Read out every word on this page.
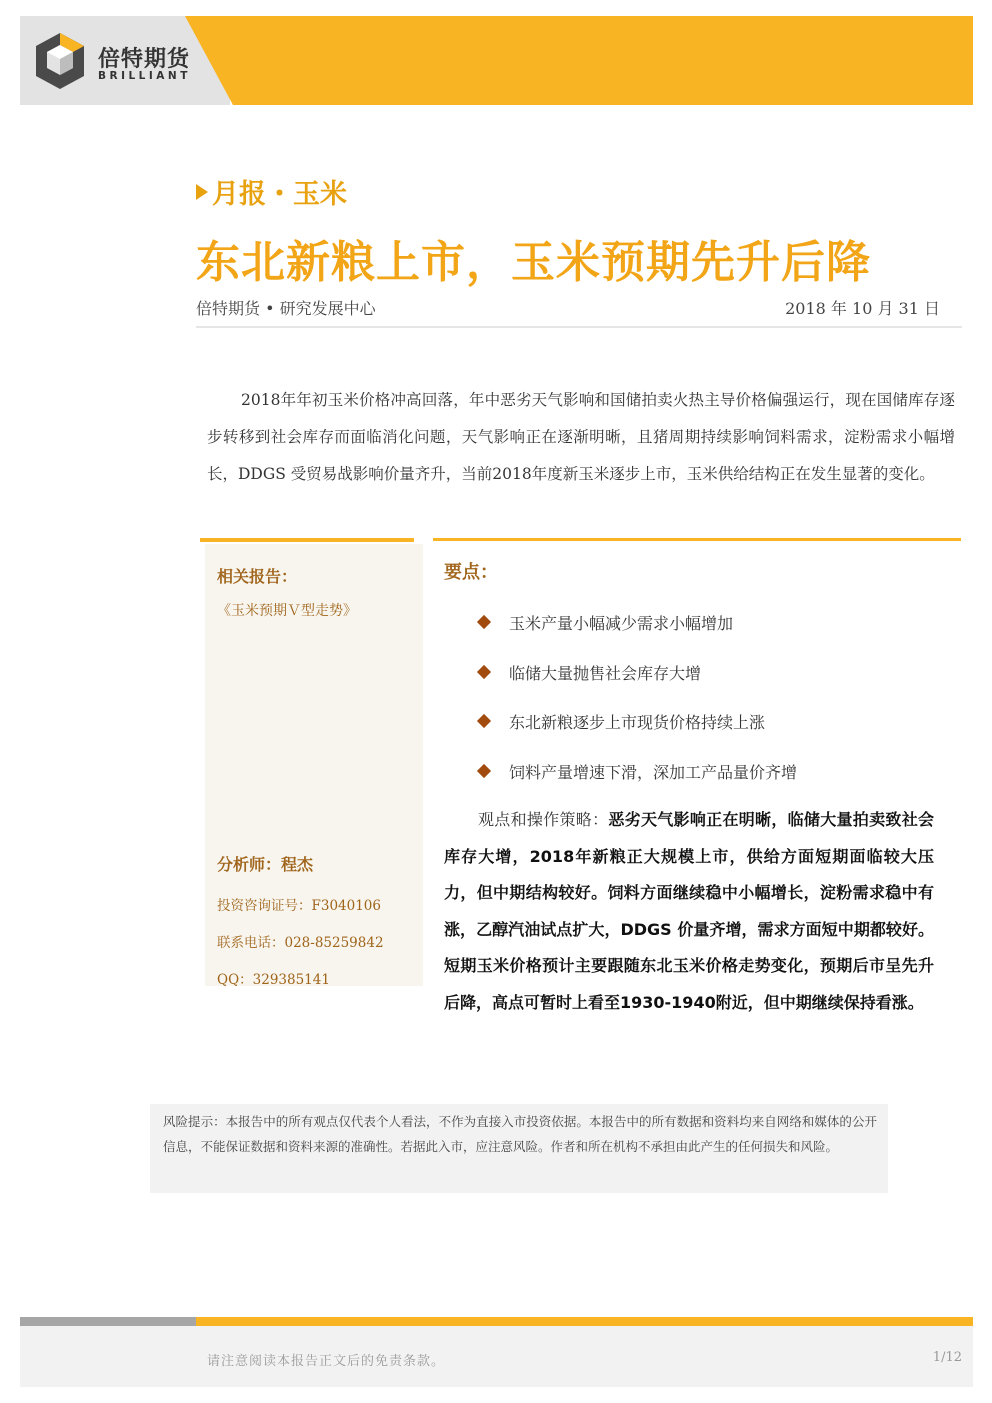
倍特期货
BRILLIANT
月报・玉米
东北新粮上市，玉米预期先升后降
倍特期货 • 研究发展中心	2018 年 10 月 31 日
2018年年初玉米价格冲高回落，年中恶劣天气影响和国储拍卖火热主导价格偏强运行，现在国储库存逐步转移到社会库存而面临消化问题，天气影响正在逐渐明晰，且猪周期持续影响饲料需求，淀粉需求小幅增长，DDGS 受贸易战影响价量齐升，当前2018年度新玉米逐步上市，玉米供给结构正在发生显著的变化。
相关报告：
《玉米预期Ｖ型走势》
分析师：程杰
投资咨询证号：F3040106
联系电话：028-85259842
QQ：329385141
要点：
玉米产量小幅减少需求小幅增加
临储大量抛售社会库存大增
东北新粮逐步上市现货价格持续上涨
饲料产量增速下滑，深加工产品量价齐增
观点和操作策略：恶劣天气影响正在明晰，临储大量拍卖致社会库存大增，2018年新粮正大规模上市，供给方面短期面临较大压力，但中期结构较好。饲料方面继续稳中小幅增长，淀粉需求稳中有涨，乙醇汽油试点扩大，DDGS 价量齐增，需求方面短中期都较好。短期玉米价格预计主要跟随东北玉米价格走势变化，预期后市呈先升后降，高点可暂时上看至1930-1940附近，但中期继续保持看涨。
风险提示：本报告中的所有观点仅代表个人看法，不作为直接入市投资依据。本报告中的所有数据和资料均来自网络和媒体的公开信息，不能保证数据和资料来源的准确性。若据此入市，应注意风险。作者和所在机构不承担由此产生的任何损失和风险。
请注意阅读本报告正文后的免责条款。	1/12
